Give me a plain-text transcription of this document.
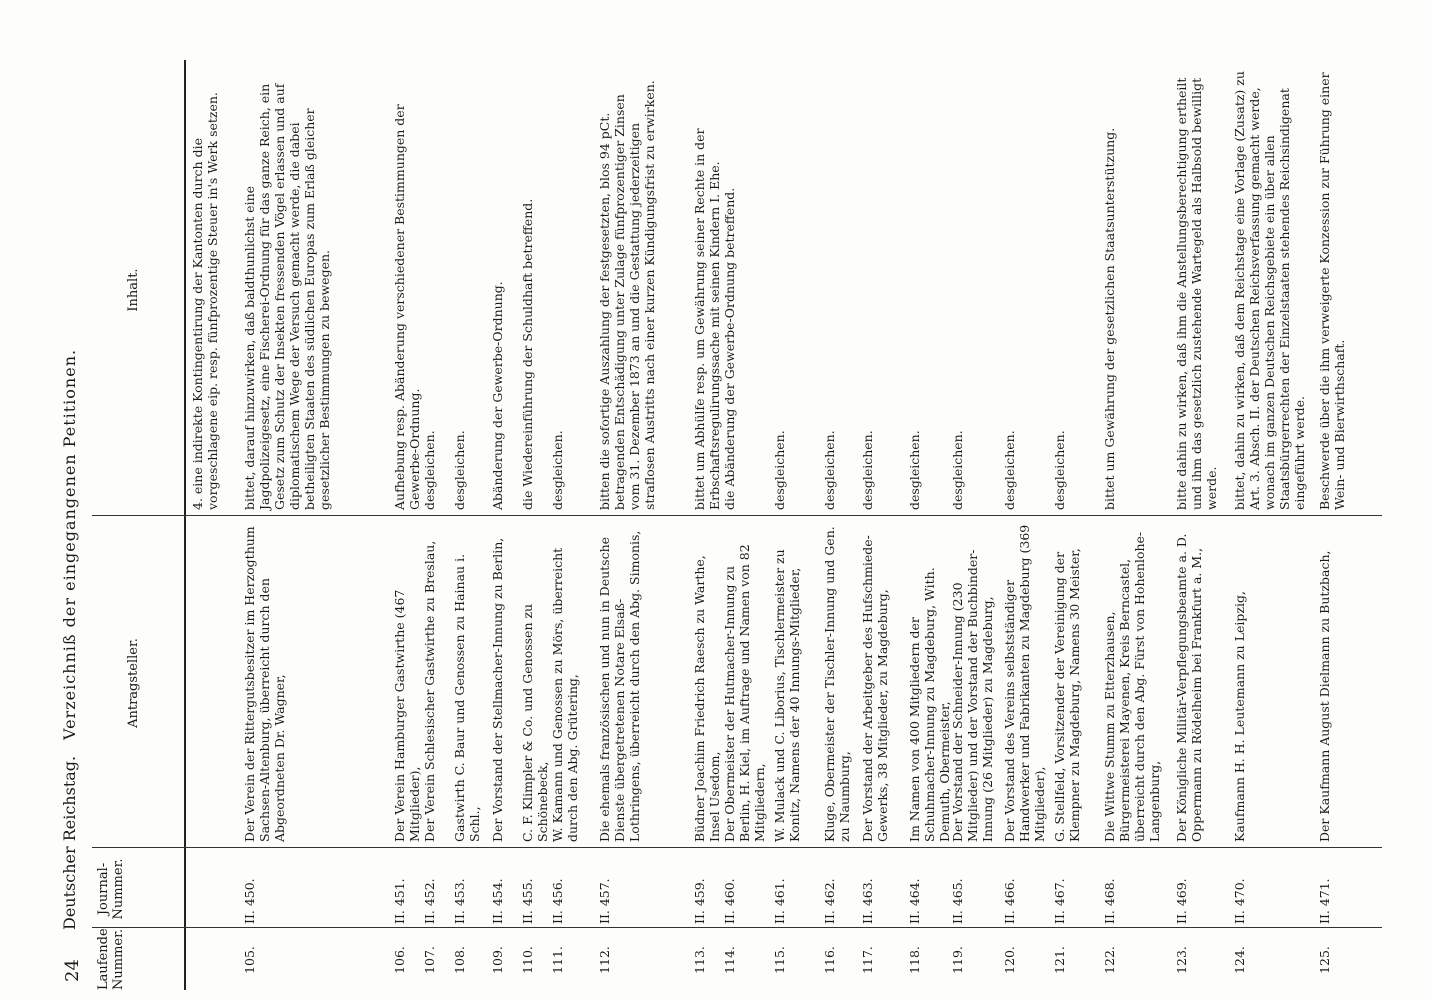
24
Deutscher Reichstag.
Verzeichniß der eingegangenen Petitionen.
Laufende Nummer.
Journal-Nummer.
Antragsteller.
Inhalt.	4. eine indirekte Kontingentirung der Kantonten durch die vorgeschlagene eip. resp. fünfprozentige Steuer in's Werk setzen.
105.
II. 450.
Der Verein der Rittergutsbesitzer im Herzogthum Sachsen-Altenburg, überreicht durch den Abgeordneten Dr. Wagner,
bittet, darauf hinzuwirken, daß baldthunlichst eine Jagdpolizeigesetz, eine Fischerei-Ordnung für das ganze Reich, ein Gesetz zum Schutz der Insekten fressenden Vögel erlassen und auf diplomatischem Wege der Versuch gemacht werde, die dabei betheiligten Staaten des südlichen Europas zum Erlaß gleicher gesetzlicher Bestimmungen zu bewegen.
106.
II. 451.
Der Verein Hamburger Gastwirthe (467 Mitglieder),
Aufhebung resp. Abänderung verschiedener Bestimmungen der Gewerbe-Ordnung.
107.
II. 452.
Der Verein Schlesischer Gastwirthe zu Breslau,
desgleichen.
108.
II. 453.
Gastwirth C. Baur und Genossen zu Hainau i. Schl.,
desgleichen.
109.
II. 454.
Der Vorstand der Stellmacher-Innung zu Berlin,
Abänderung der Gewerbe-Ordnung.
110.
II. 455.
C. F. Klimpler & Co. und Genossen zu Schönebeck,
die Wiedereinführung der Schuldhaft betreffend.
111.
II. 456.
W. Kamann und Genossen zu Mörs, überreicht durch den Abg. Grütering,
desgleichen.
112.
II. 457.
Die ehemals französischen und nun in Deutsche Dienste übergetretenen Notare Elsaß-Lothringens, überreicht durch den Abg. Simonis,
bitten die sofortige Auszahlung der festgesetzten, blos 94 pCt. betragenden Entschädigung unter Zulage fünfprozentiger Zinsen vom 31. Dezember 1873 an und die Gestattung jederzeitigen straflosen Austritts nach einer kurzen Kündigungsfrist zu erwirken.
113.
II. 459.
Büdner Joachim Friedrich Raesch zu Warthe, Insel Usedom,
bittet um Abhülfe resp. um Gewährung seiner Rechte in der Erbschaftsregulirungssache mit seinen Kindern I. Ehe.
114.
II. 460.
Der Obermeister der Hutmacher-Innung zu Berlin, H. Kiel, im Auftrage und Namen von 82 Mitgliedern,
die Abänderung der Gewerbe-Ordnung betreffend.
115.
II. 461.
W. Mulack und C. Liborius, Tischlermeister zu Konitz, Namens der 40 Innungs-Mitglieder,
desgleichen.
116.
II. 462.
Kluge, Obermeister der Tischler-Innung und Gen. zu Naumburg,
desgleichen.
117.
II. 463.
Der Vorstand der Arbeitgeber des Hufschmiede-Gewerks, 38 Mitglieder, zu Magdeburg,
desgleichen.
118.
II. 464.
Im Namen von 400 Mitgliedern der Schuhmacher-Innung zu Magdeburg, With. Demuth, Obermeister,
desgleichen.
119.
II. 465.
Der Vorstand der Schneider-Innung (230 Mitglieder) und der Vorstand der Buchbinder-Innung (26 Mitglieder) zu Magdeburg,
desgleichen.
120.
II. 466.
Der Vorstand des Vereins selbstständiger Handwerker und Fabrikanten zu Magdeburg (369 Mitglieder),
desgleichen.
121.
II. 467.
G. Stellfeld, Vorsitzender der Vereinigung der Klempner zu Magdeburg, Namens 30 Meister,
desgleichen.
122.
II. 468.
Die Wittwe Stumm zu Etterzhausen, Bürgermeisterei Mayenen, Kreis Berncastel, überreicht durch den Abg. Fürst von Hohenlohe-Langenburg,
bittet um Gewährung der gesetzlichen Staatsunterstützung.
123.
II. 469.
Der Königliche Militär-Verpflegungsbeamte a. D. Oppermann zu Rödelheim bei Frankfurt a. M.,
bitte dahin zu wirken, daß ihm die Anstellungsberechtigung ertheilt und ihm das gesetzlich zustehende Wartegeld als Halbsold bewilligt werde.
124.
II. 470.
Kaufmann H. H. Leutemann zu Leipzig,
bittet, dahin zu wirken, daß dem Reichstage eine Vorlage (Zusatz) zu Art. 3. Absch. II. der Deutschen Reichsverfassung gemacht werde, wonach im ganzen Deutschen Reichsgebiete ein über allen Staatsbürgerrechten der Einzelstaaten stehendes Reichsindigenat eingeführt werde.
125.
II. 471.
Der Kaufmann August Dielmann zu Butzbach,
Beschwerde über die ihm verweigerte Konzession zur Führung einer Wein- und Bierwirthschaft.
